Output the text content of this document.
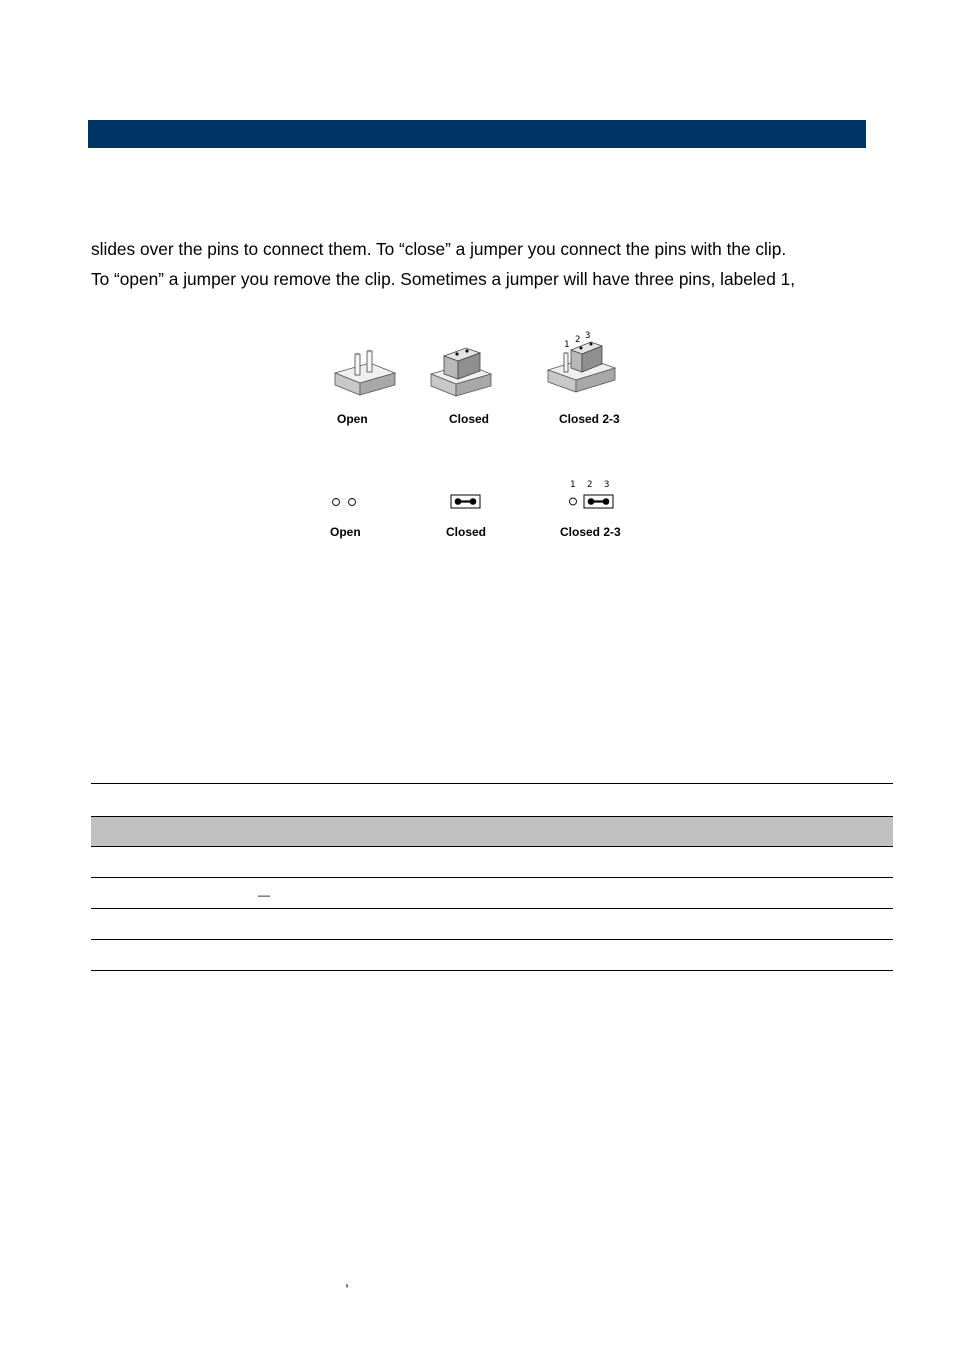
slides over the pins to connect them. To “close” a jumper you connect the pins with the clip.
To “open” a jumper you remove the clip. Sometimes a jumper will have three pins, labeled 1,
1 2 3
Open	Closed	Closed 2-3
1 2 3
Open	Closed	Closed 2-3
—
,
